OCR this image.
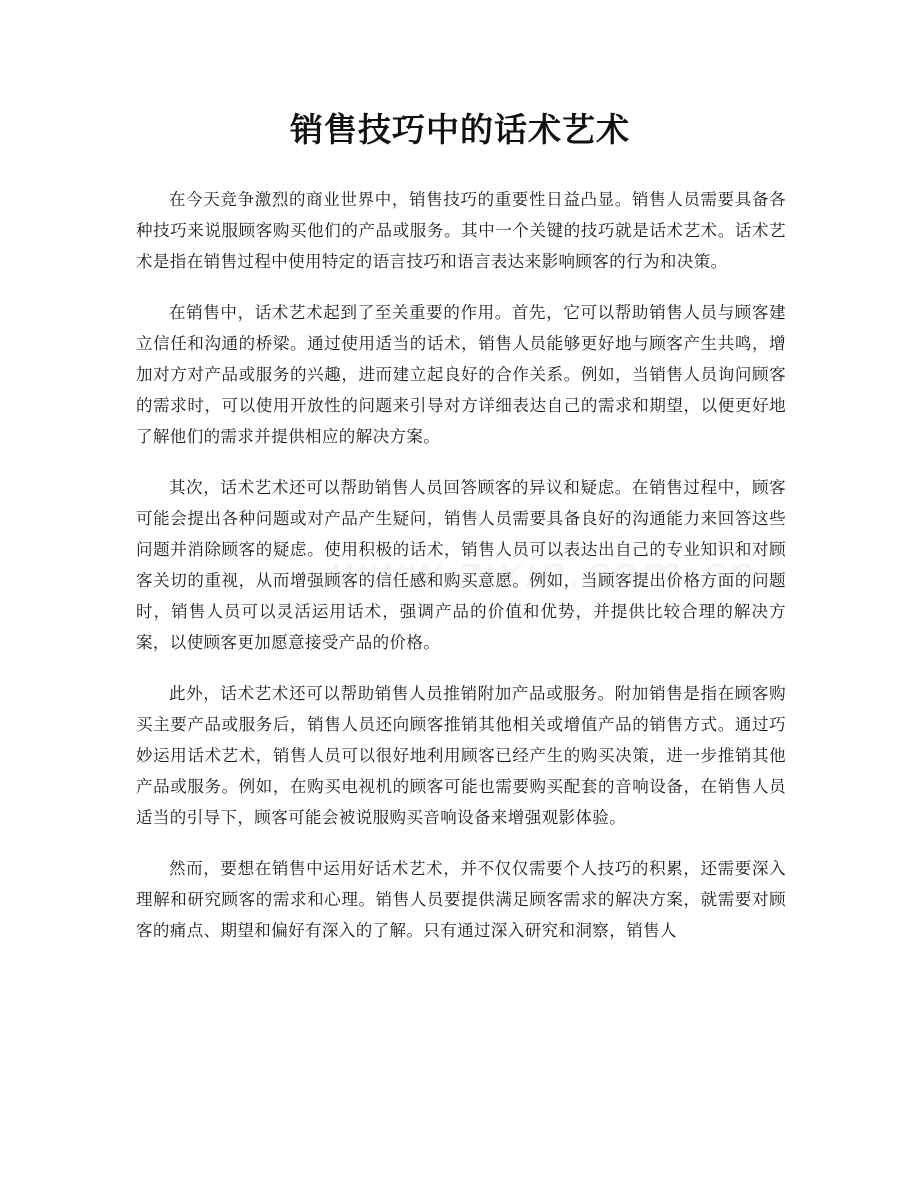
销售技巧中的话术艺术

在今天竞争激烈的商业世界中，销售技巧的重要性日益凸显。销售人员需要具备各种技巧来说服顾客购买他们的产品或服务。其中一个关键的技巧就是话术艺术。话术艺术是指在销售过程中使用特定的语言技巧和语言表达来影响顾客的行为和决策。

在销售中，话术艺术起到了至关重要的作用。首先，它可以帮助销售人员与顾客建立信任和沟通的桥梁。通过使用适当的话术，销售人员能够更好地与顾客产生共鸣，增加对方对产品或服务的兴趣，进而建立起良好的合作关系。例如，当销售人员询问顾客的需求时，可以使用开放性的问题来引导对方详细表达自己的需求和期望，以便更好地了解他们的需求并提供相应的解决方案。

其次，话术艺术还可以帮助销售人员回答顾客的异议和疑虑。在销售过程中，顾客可能会提出各种问题或对产品产生疑问，销售人员需要具备良好的沟通能力来回答这些问题并消除顾客的疑虑。使用积极的话术，销售人员可以表达出自己的专业知识和对顾客关切的重视，从而增强顾客的信任感和购买意愿。例如，当顾客提出价格方面的问题时，销售人员可以灵活运用话术，强调产品的价值和优势，并提供比较合理的解决方案，以使顾客更加愿意接受产品的价格。

此外，话术艺术还可以帮助销售人员推销附加产品或服务。附加销售是指在顾客购买主要产品或服务后，销售人员还向顾客推销其他相关或增值产品的销售方式。通过巧妙运用话术艺术，销售人员可以很好地利用顾客已经产生的购买决策，进一步推销其他产品或服务。例如，在购买电视机的顾客可能也需要购买配套的音响设备，在销售人员适当的引导下，顾客可能会被说服购买音响设备来增强观影体验。

然而，要想在销售中运用好话术艺术，并不仅仅需要个人技巧的积累，还需要深入理解和研究顾客的需求和心理。销售人员要提供满足顾客需求的解决方案，就需要对顾客的痛点、期望和偏好有深入的了解。只有通过深入研究和洞察，销售人
